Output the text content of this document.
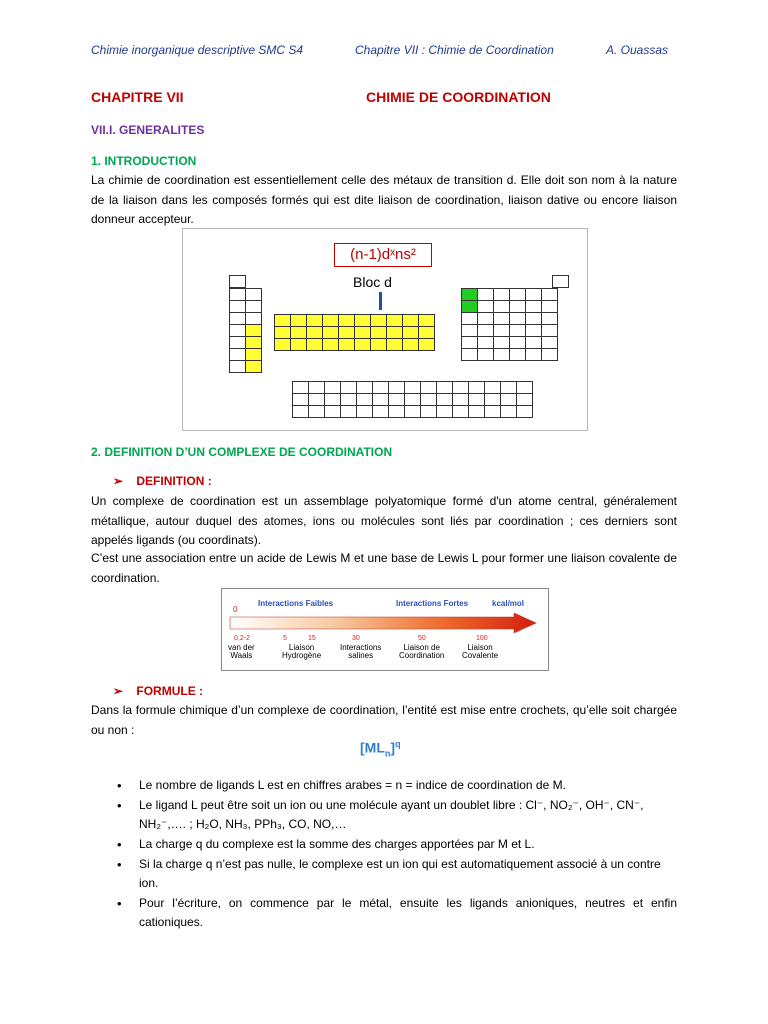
Chimie inorganique descriptive SMC S4	Chapitre VII : Chimie de Coordination	A. Ouassas
CHAPITRE VII	CHIMIE DE COORDINATION
VII.I. GENERALITES
1. INTRODUCTION
La chimie de coordination est essentiellement celle des métaux de transition d. Elle doit son nom à la nature de la liaison dans les composés formés qui est dite liaison de coordination, liaison dative ou encore liaison donneur accepteur.
(n-1)dˣns²
Bloc d

2. DEFINITION D’UN COMPLEXE DE COORDINATION
➢    DEFINITION :
Un complexe de coordination est un assemblage polyatomique formé d'un atome central, généralement métallique, autour duquel des atomes, ions ou molécules sont liés par coordination ; ces derniers sont appelés ligands (ou coordinats).
C’est une association entre un acide de Lewis M et une base de Lewis L pour former une liaison covalente de coordination.
Interactions Faibles	Interactions Fortes	kcal/mol
0
0,2-2	5	15	30	50	100
van der
Waals
Liaison
Hydrogène
Interactions
salines
Liaison de
Coordination
Liaison
Covalente
➢    FORMULE :
Dans la formule chimique d’un complexe de coordination, l’entité est mise entre crochets, qu’elle soit chargée ou non :
$[ML_n]^q$
• Le nombre de ligands L est en chiffres arabes = n = indice de coordination de M.
• Le ligand L peut être soit un ion ou une molécule ayant un doublet libre : Cl⁻, NO₂⁻, OH⁻, CN⁻, NH₂⁻,…. ; H₂O, NH₃, PPh₃, CO, NO,…
• La charge q du complexe est la somme des charges apportées par M et L.
• Si la charge q n’est pas nulle, le complexe est un ion qui est automatiquement associé à un contre ion.
• Pour l’écriture, on commence par le métal, ensuite les ligands anioniques, neutres et enfin cationiques.
